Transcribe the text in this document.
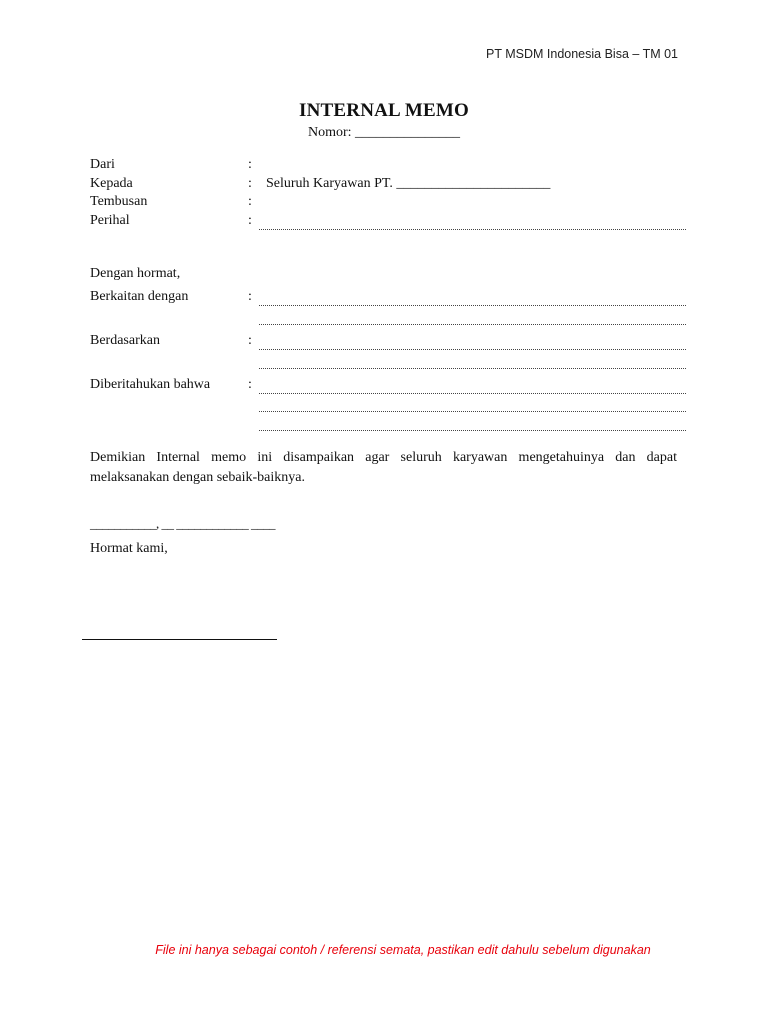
PT MSDM Indonesia Bisa – TM 01
INTERNAL MEMO
Nomor: _______________
Dari	:
Kepada	: Seluruh Karyawan PT. ______________________
Tembusan	:
Perihal	:
Dengan hormat,
Berkaitan dengan	:
Berdasarkan	:
Diberitahukan bahwa	:
Demikian Internal memo ini disampaikan agar seluruh karyawan mengetahuinya dan dapat melaksanakan dengan sebaik-baiknya.
___________, __ ____________ ____
Hormat kami,
File ini hanya sebagai contoh / referensi semata, pastikan edit dahulu sebelum digunakan
